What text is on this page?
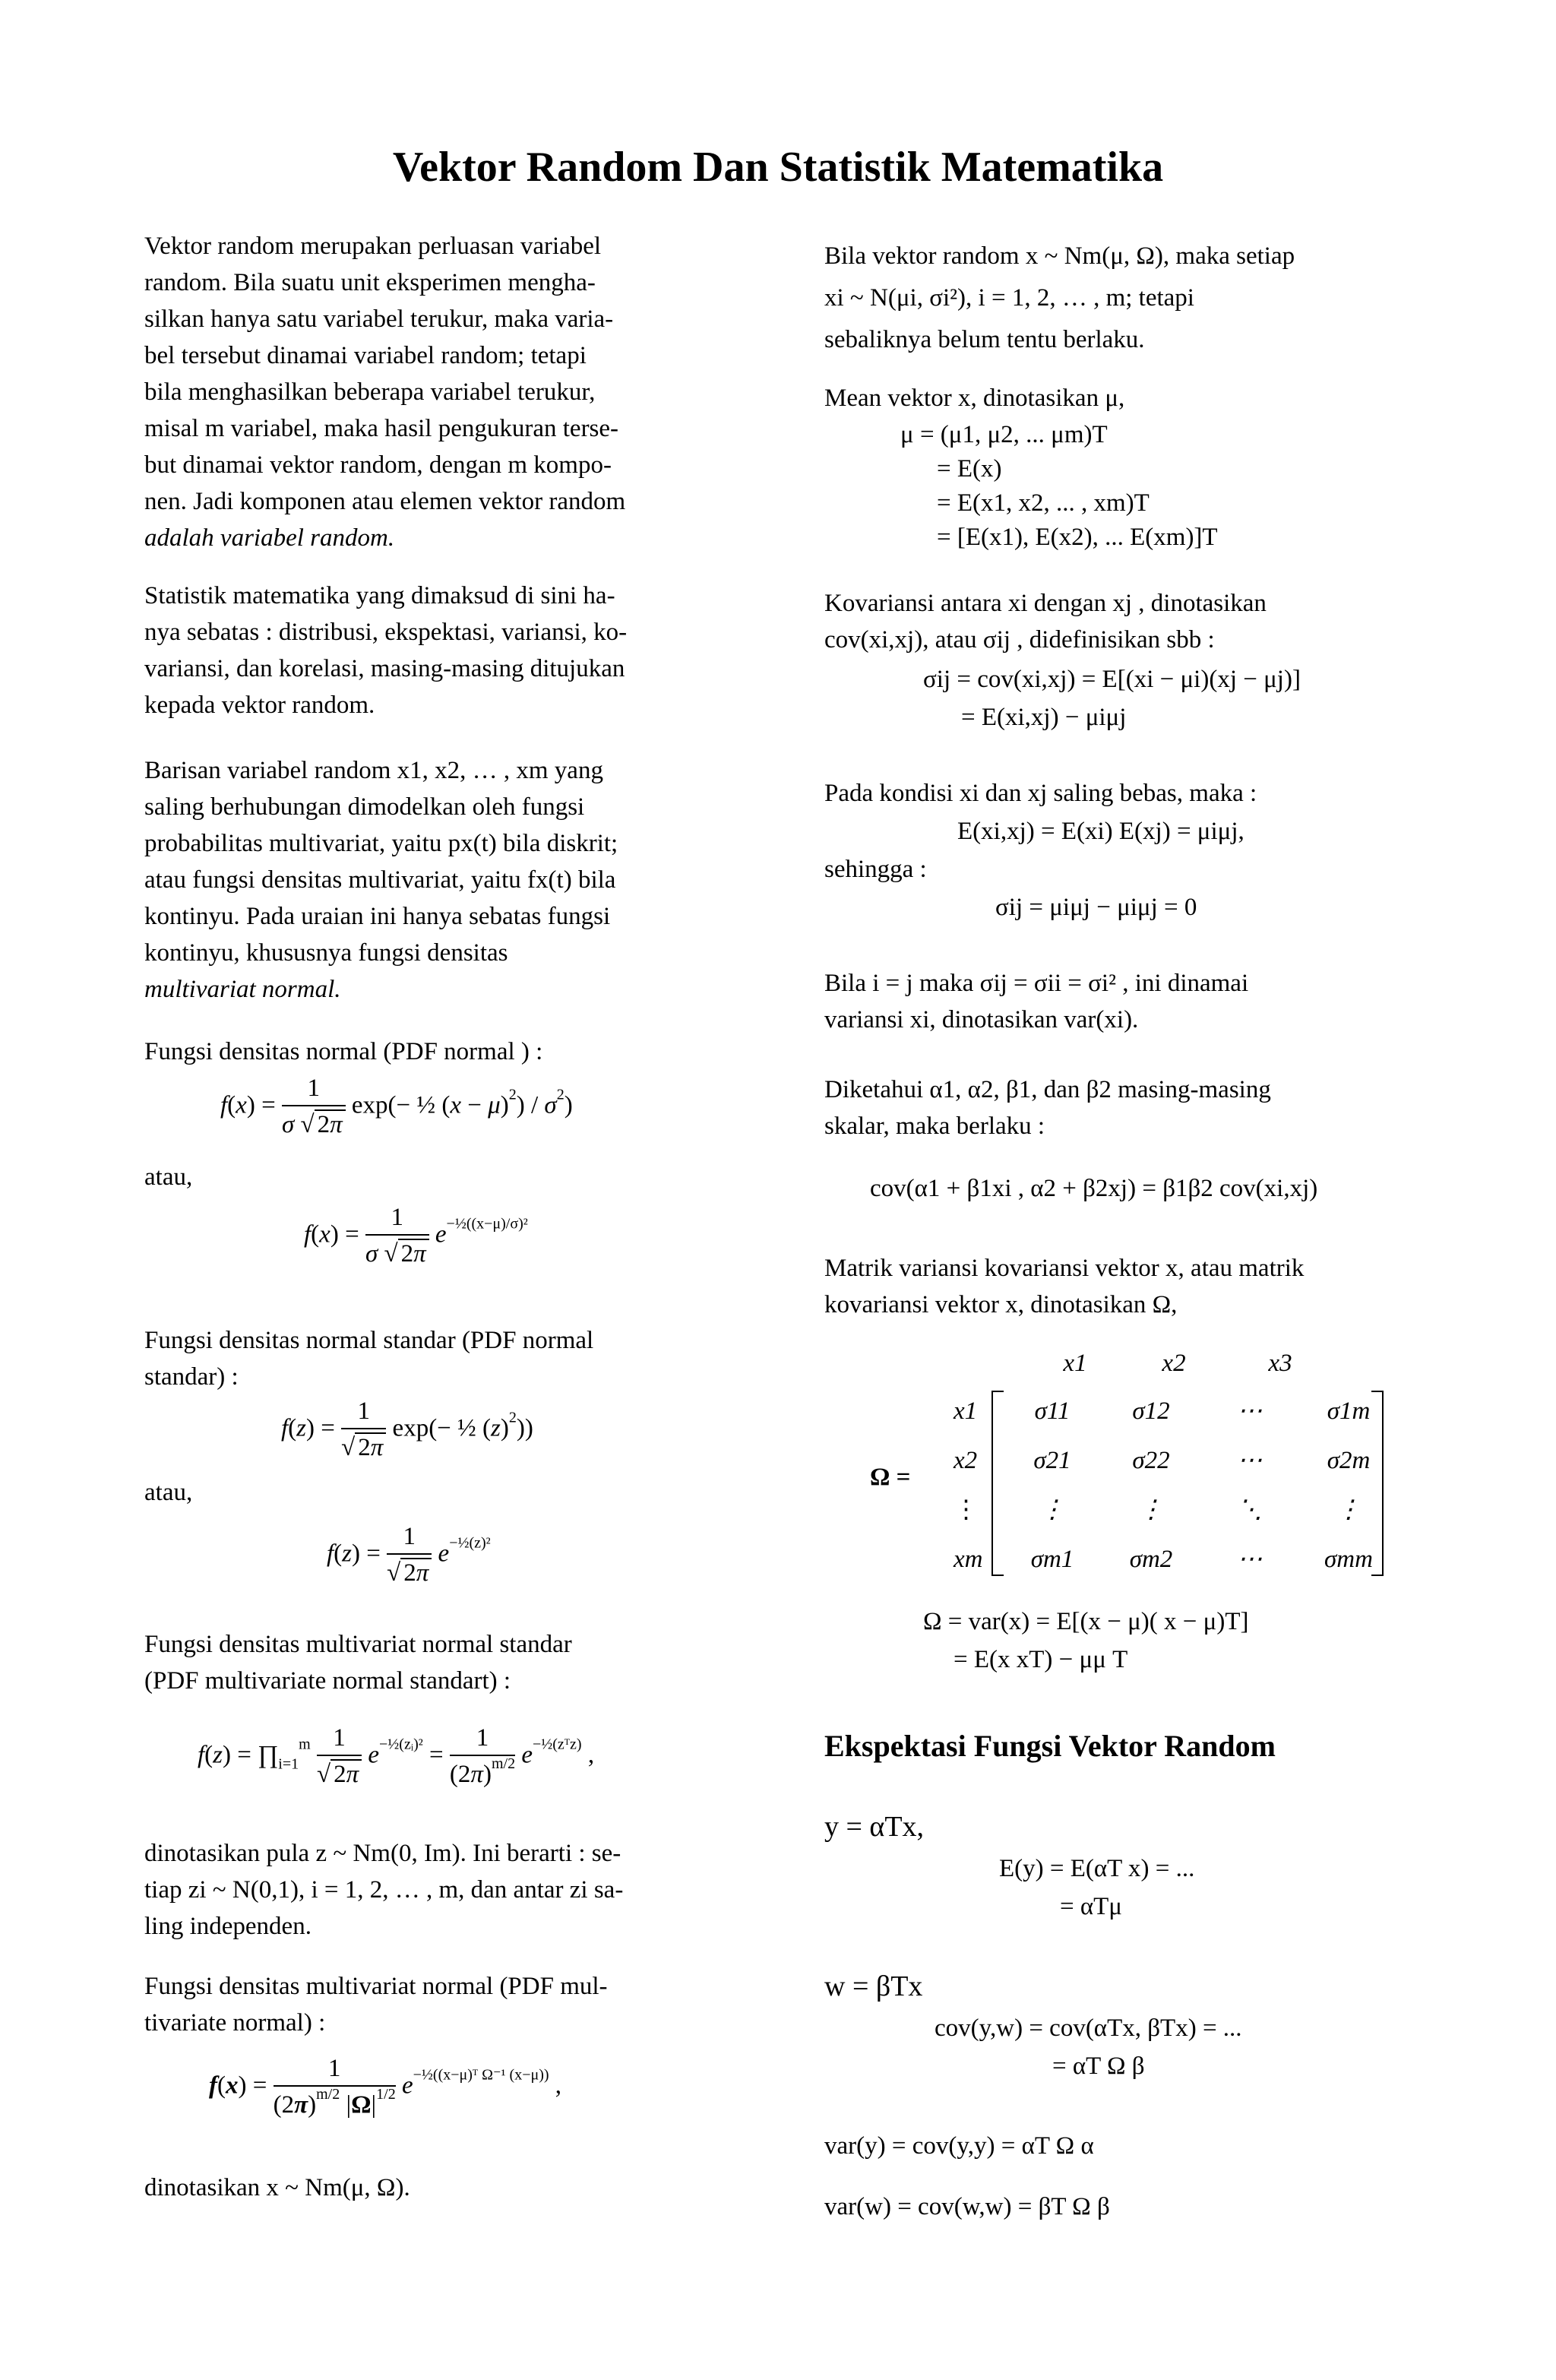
Vektor Random Dan Statistik Matematika

Vektor random merupakan perluasan variabel

random. Bila suatu unit eksperimen mengha-

silkan hanya satu variabel terukur, maka varia-

bel tersebut dinamai variabel random; tetapi

bila menghasilkan beberapa variabel terukur,

misal m variabel, maka hasil pengukuran terse-

but dinamai vektor random, dengan m kompo-

nen. Jadi komponen atau elemen vektor random

adalah variabel random.

Statistik matematika yang dimaksud di sini ha-

nya sebatas : distribusi, ekspektasi, variansi, ko-

variansi, dan korelasi, masing-masing ditujukan

kepada vektor random.

Barisan variabel random x1, x2, … , xm yang

saling berhubungan dimodelkan oleh fungsi

probabilitas multivariat, yaitu px(t) bila diskrit;

atau fungsi densitas multivariat, yaitu fx(t) bila

kontinyu. Pada uraian ini hanya sebatas fungsi

kontinyu, khususnya fungsi densitas

multivariat normal.

Fungsi densitas normal (PDF normal ) :

$f(x) = \frac{1}{\sigma √ 2\pi} \exp(-$ ½ $(x - \mu)^2) / \sigma^2$)

atau,

$f(x) = \frac{1}{\sigma √ 2\pi} e^{-\frac{1}{2}((x-\mu)/\sigma)^2}$

Fungsi densitas normal standar (PDF normal

standar) :

$f(z) = \frac{1}{√ 2\pi} \exp(-$ ½ $(z)^2$))

atau,

$f(z) = \frac{1}{√ 2\pi} e^{-\frac{1}{2}(z)^2}$

Fungsi densitas multivariat normal standar

(PDF multivariate normal standart) :

$f(z) = \prod_{i=1}^m \frac{1}{√ 2\pi} e^{-\frac{1}{2}(zᵢ)^2} = \frac{1}{(2\pi)^{m/2}} e^{-\frac{1}{2}(zᵀz)}$ ,

dinotasikan pula z ~ Nm(0, Im). Ini berarti : se-

tiap zi ~ N(0,1), i = 1, 2, … , m, dan antar zi sa-

ling independen.

Fungsi densitas multivariat normal (PDF mul-

tivariate normal) :

$f(x) = \frac{1}{(2\pi)^{m/2} |\Omega|^{1/2}} e^{-\frac{1}{2}((x-\mu)ᵀ \Omega^{-1} (x-\mu))}$ ,

dinotasikan x ~ Nm(μ, Ω).

Bila vektor random x ~ Nm(μ, Ω), maka setiap

xi ~ N(μi, σi²), i = 1, 2, … , m; tetapi

sebaliknya belum tentu berlaku.

Mean vektor x, dinotasikan μ,

μ = (μ1, μ2, ... μm)T

= E(x)

= E(x1, x2, ... , xm)T

= [E(x1), E(x2), ... E(xm)]T

Kovariansi antara xi dengan xj , dinotasikan

cov(xi,xj), atau σij , didefinisikan sbb :

σij = cov(xi,xj) = E[(xi − μi)(xj − μj)]

= E(xi,xj) − μiμj

Pada kondisi xi dan xj saling bebas, maka :

E(xi,xj) = E(xi) E(xj) = μiμj,

sehingga :

σij = μiμj − μiμj = 0

Bila i = j maka σij = σii = σi² , ini dinamai

variansi xi, dinotasikan var(xi).

Diketahui α1, α2, β1, dan β2 masing-masing

skalar, maka berlaku :

cov(α1 + β1xi , α2 + β2xj) = β1β2 cov(xi,xj)

Matrik variansi kovariansi vektor x, atau matrik

kovariansi vektor x, dinotasikan Ω,

x1	x2	x3

Ω =

x1

x2

⋮

xm

σ11	σ12	⋯	σ1m
σ21	σ22	⋯	σ2m
⋮	⋮	⋱	⋮
σm1	σm2	⋯	σmm

Ω = var(x) = E[(x − μ)( x − μ)T]

= E(x xT) − μμ T

Ekspektasi Fungsi Vektor Random

y = αTx,

E(y) = E(αT x) = ...

= αTμ

w = βTx

cov(y,w) = cov(αTx, βTx) = ...

= αT Ω β

var(y) = cov(y,y) = αT Ω α

var(w) = cov(w,w) = βT Ω β
